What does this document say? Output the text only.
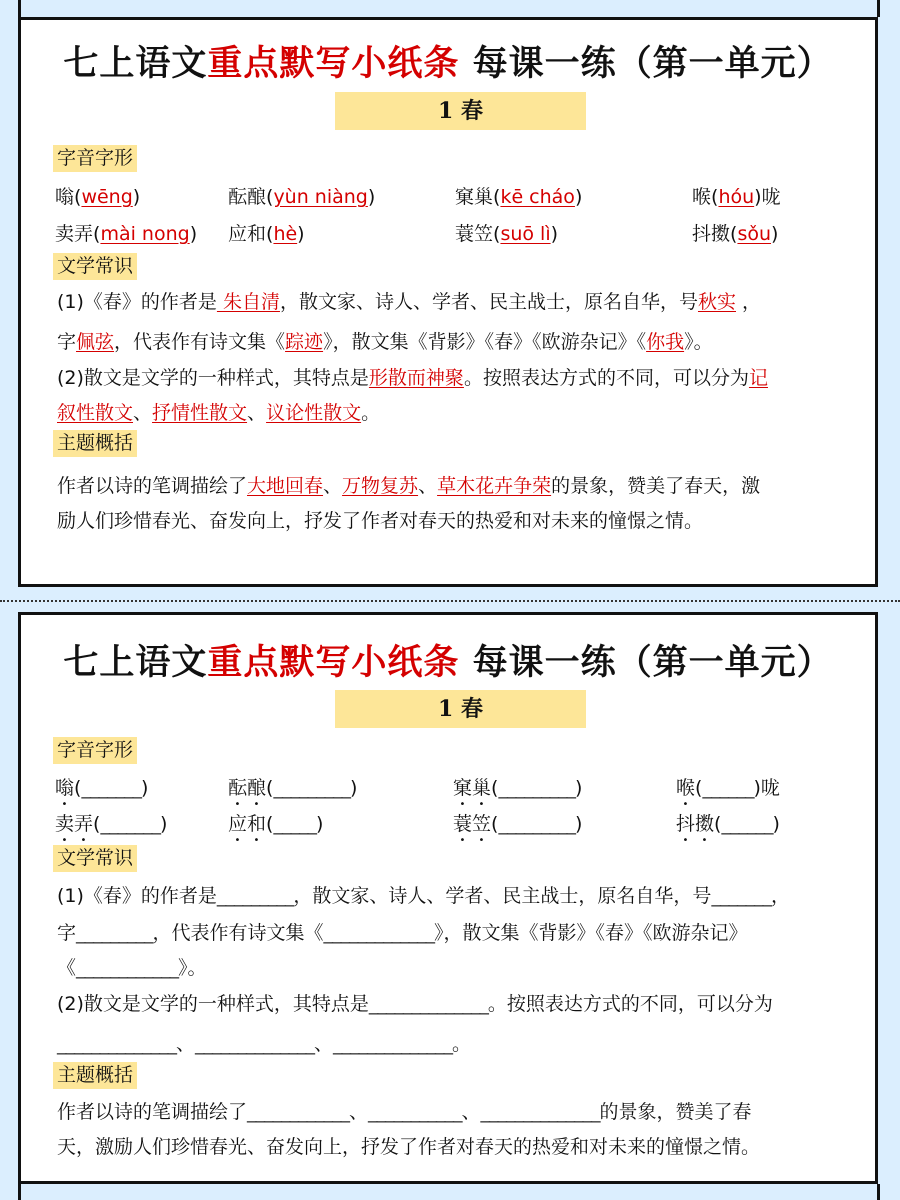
七上语文重点默写小纸条 每课一练（第一单元）
1 春
字音字形
文学常识
主题概括
嗡(wēng)	酝酿(yùn niàng)	窠巢(kē cháo)	喉(hóu)咙
卖弄(mài nong) 应和(hè)	蓑笠(suō lì)	抖擞(sǒu)
(1)《春》的作者是 朱自清，散文家、诗人、学者、民主战士，原名自华，号秋实 ，
字佩弦，代表作有诗文集《踪迹》，散文集《背影》《春》《欧游杂记》《你我》。
(2)散文是文学的一种样式，其特点是形散而神聚。按照表达方式的不同，可以分为记
叙性散文、抒情性散文、议论性散文。
作者以诗的笔调描绘了大地回春、万物复苏、草木花卉争荣的景象，赞美了春天，激
励人们珍惜春光、奋发向上，抒发了作者对春天的热爱和对未来的憧憬之情。
七上语文重点默写小纸条 每课一练（第一单元）
1 春
字音字形
文学常识
主题概括
嗡(_______)	酝酿(_________)	窠巢(_________)	喉(______)咙
卖弄(_______)	应和(_____)	蓑笠(_________)	抖擞(______)
(1)《春》的作者是_________，散文家、诗人、学者、民主战士，原名自华，号_______，
字_________，代表作有诗文集《_____________》，散文集《背影》《春》《欧游杂记》
《____________》。
(2)散文是文学的一种样式，其特点是______________。按照表达方式的不同，可以分为
______________、______________、______________。
作者以诗的笔调描绘了____________、___________、______________的景象，赞美了春
天，激励人们珍惜春光、奋发向上，抒发了作者对春天的热爱和对未来的憧憬之情。
